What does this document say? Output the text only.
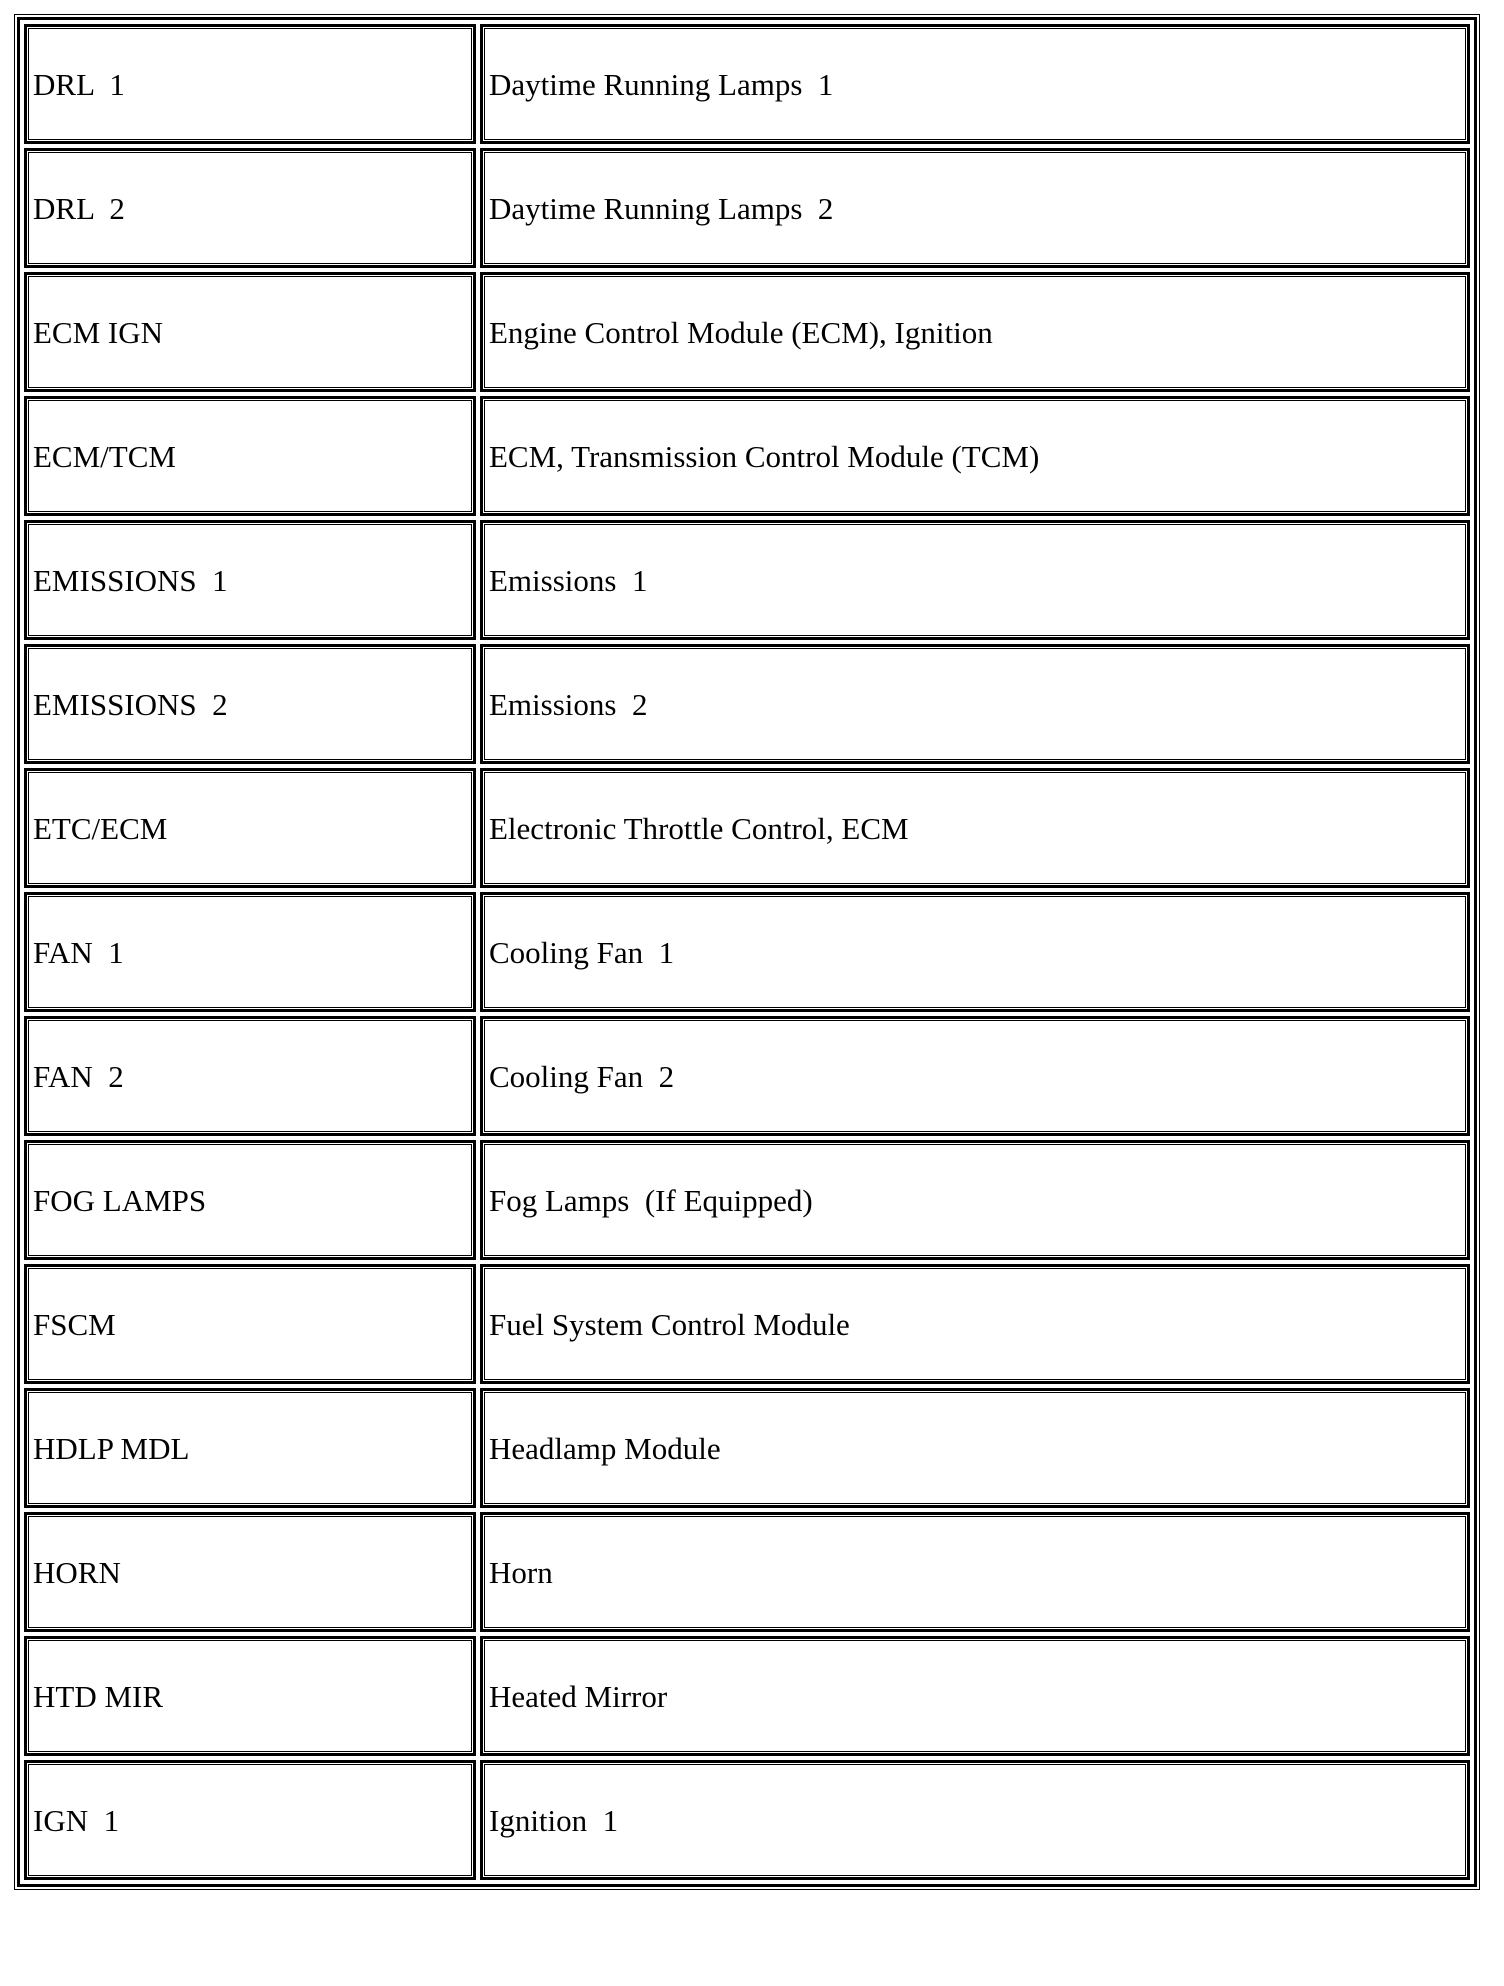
DRL  1	Daytime Running Lamps  1
DRL  2	Daytime Running Lamps  2
ECM IGN	Engine Control Module (ECM), Ignition
ECM/TCM	ECM, Transmission Control Module (TCM)
EMISSIONS  1	Emissions  1
EMISSIONS  2	Emissions  2
ETC/ECM	Electronic Throttle Control, ECM
FAN  1	Cooling Fan  1
FAN  2	Cooling Fan  2
FOG LAMPS	Fog Lamps  (If Equipped)
FSCM	Fuel System Control Module
HDLP MDL	Headlamp Module
HORN	Horn
HTD MIR	Heated Mirror
IGN  1	Ignition  1
